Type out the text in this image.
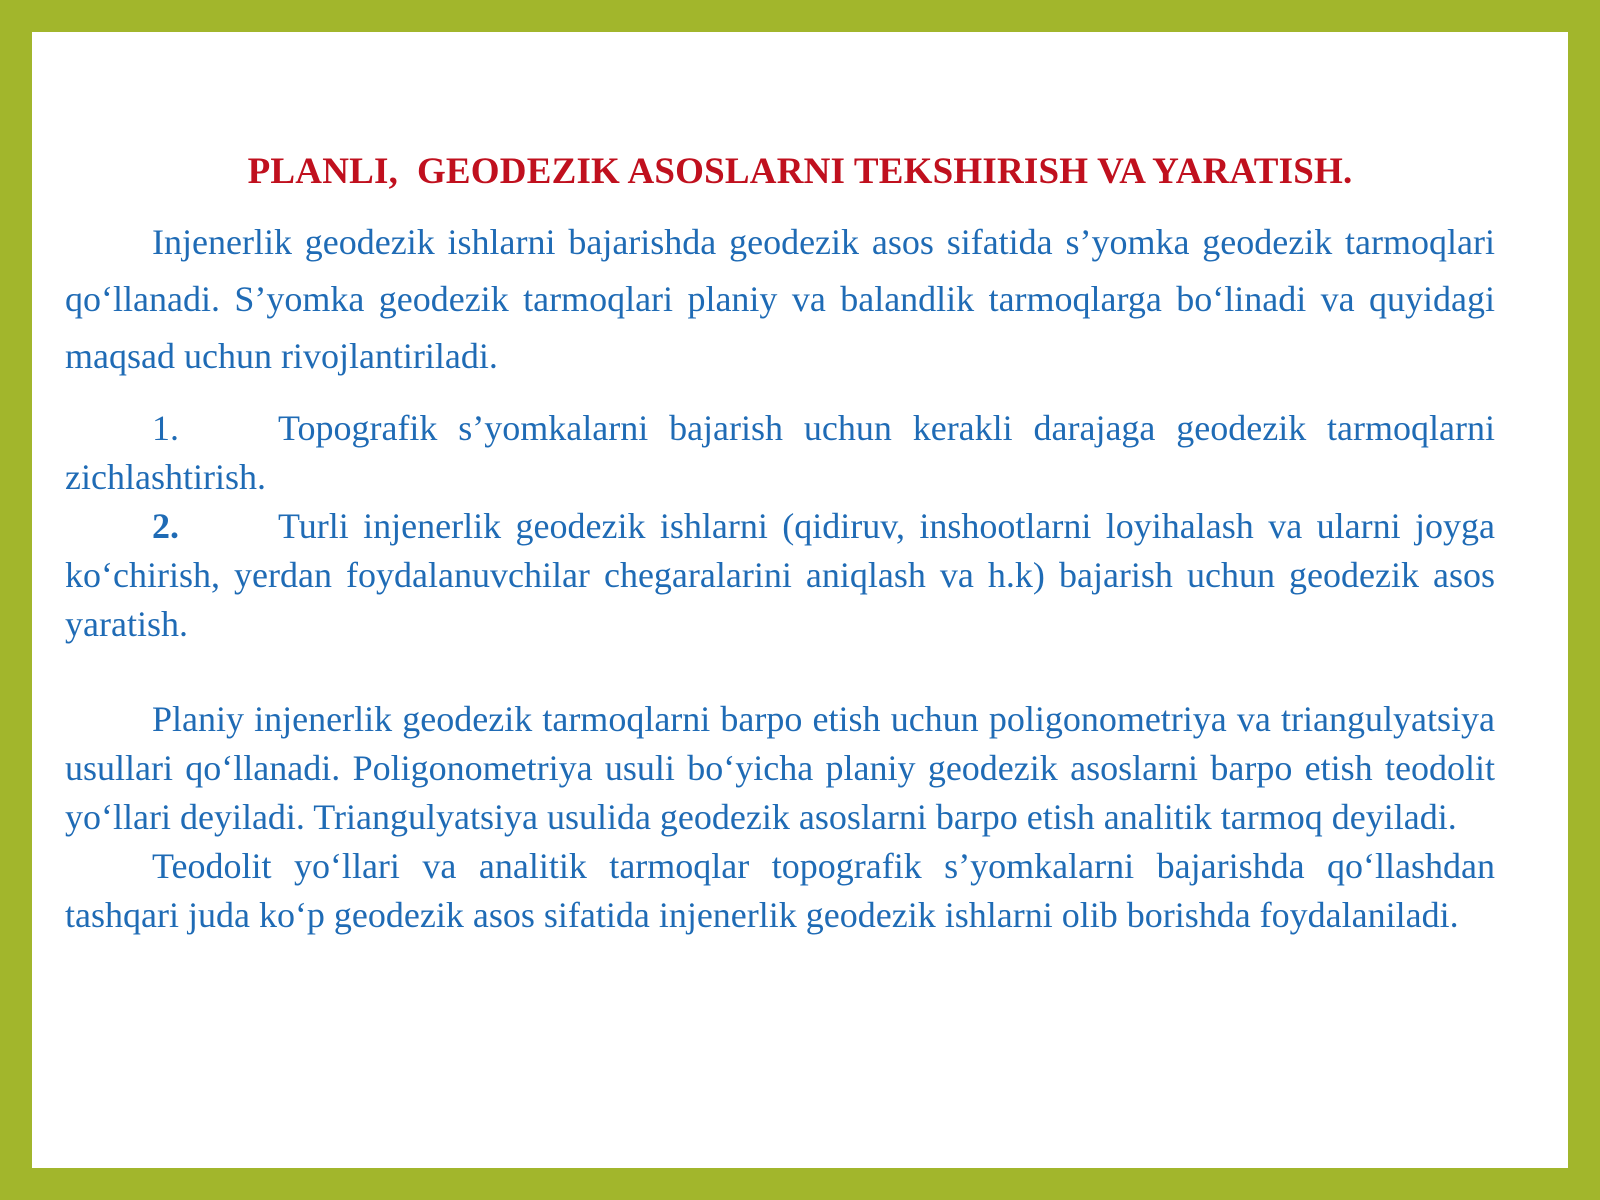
PLANLI,  GEODEZIK ASOSLARNI TEKSHIRISH VA YARATISH.

Injenerlik geodezik ishlarni bajarishda geodezik asos sifatida s’yomka geodezik tarmoqlari qo‘llanadi. S’yomka geodezik tarmoqlari planiy va balandlik tarmoqlarga bo‘linadi va quyidagi maqsad uchun rivojlantiriladi.

1.	Topografik s’yomkalarni bajarish uchun kerakli darajaga geodezik tarmoqlarni zichlashtirish.

2.	Turli injenerlik geodezik ishlarni (qidiruv, inshootlarni loyihalash va ularni joyga ko‘chirish, yerdan foydalanuvchilar chegaralarini aniqlash va h.k) bajarish uchun geodezik asos yaratish.

Planiy injenerlik geodezik tarmoqlarni barpo etish uchun poligonometriya va triangulyatsiya usullari qo‘llanadi. Poligonometriya usuli bo‘yicha planiy geodezik asoslarni barpo etish teodolit yo‘llari deyiladi. Triangulyatsiya usulida geodezik asoslarni barpo etish analitik tarmoq deyiladi.

Teodolit yo‘llari va analitik tarmoqlar topografik s’yomkalarni bajarishda qo‘llashdan tashqari juda ko‘p geodezik asos sifatida injenerlik geodezik ishlarni olib borishda foydalaniladi.
